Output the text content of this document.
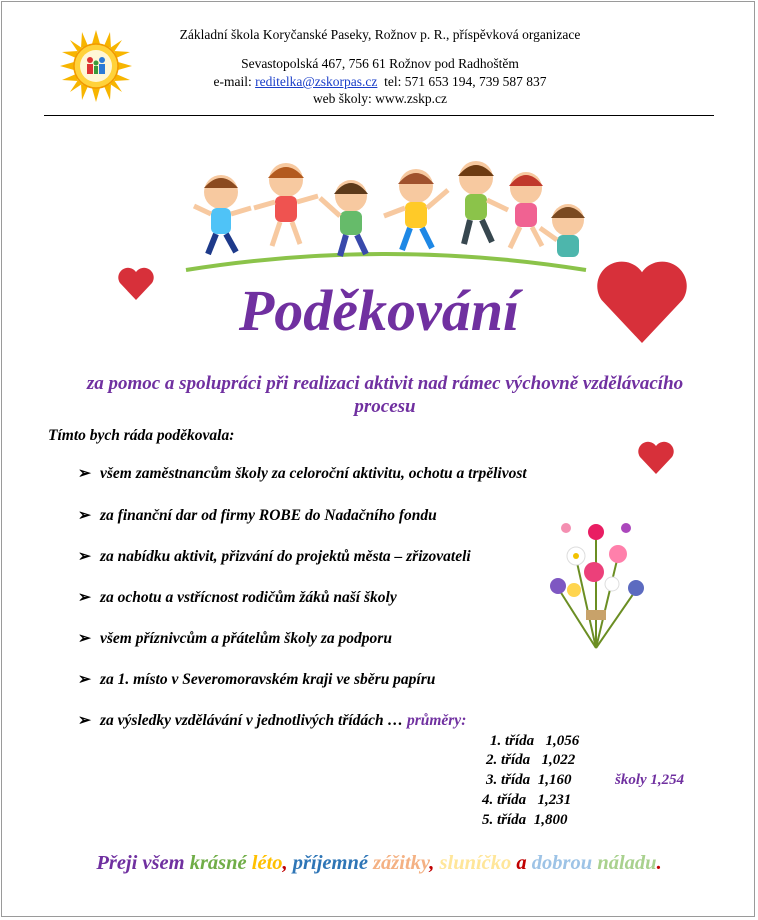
Základní škola Koryčanské Paseky, Rožnov p. R., příspěvková organizace
Sevastopolská 467, 756 61 Rožnov pod Radhoštěm
e-mail: reditelka@zskorpas.cz  tel: 571 653 194, 739 587 837
web školy: www.zskp.cz
Poděkování
za pomoc a spolupráci při realizaci aktivit nad rámec výchovně vzdělávacího procesu
Tímto bych ráda poděkovala:
➢ všem zaměstnancům školy za celoroční aktivitu, ochotu a trpělivost
➢ za finanční dar od firmy ROBE do Nadačního fondu
➢ za nabídku aktivit, přizvání do projektů města – zřizovateli
➢ za ochotu a vstřícnost rodičům žáků naší školy
➢ všem příznivcům a přátelům školy za podporu
➢ za 1. místo v Severomoravském kraji ve sběru papíru
➢ za výsledky vzdělávání v jednotlivých třídách … průměry:
1. třída 1,056
2. třída 1,022
3. třída 1,160
4. třída 1,231
5. třída 1,800
školy 1,254
Přeji všem krásné léto, příjemné zážitky, sluníčko a dobrou náladu.
